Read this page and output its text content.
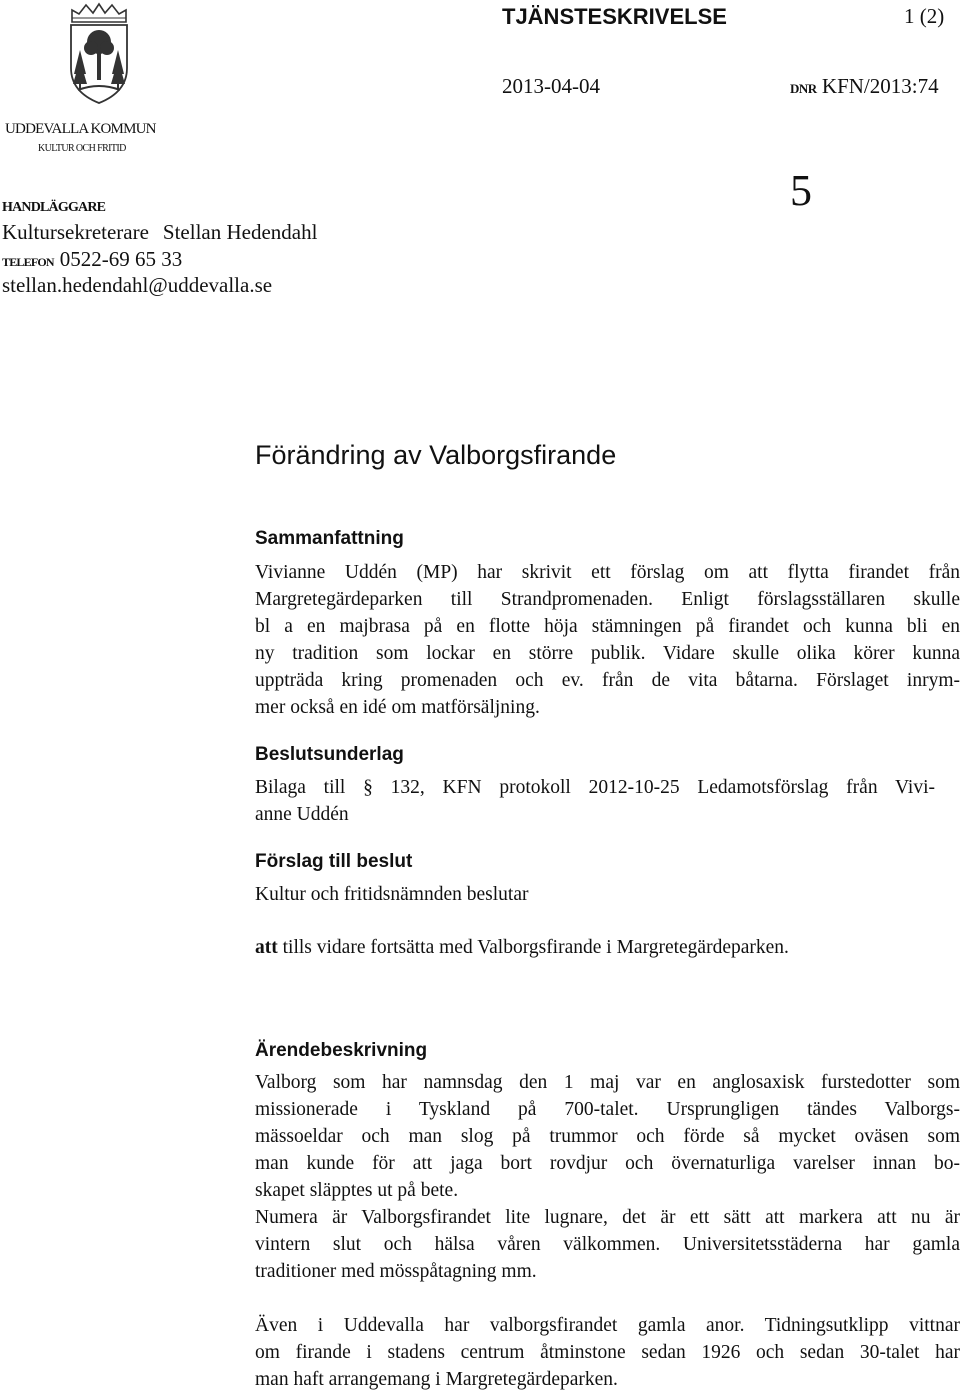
TJÄNSTESKRIVELSE	1 (2)
2013-04-04	DNR KFN/2013:74
5
UDDEVALLA KOMMUN
KULTUR OCH FRITID
HANDLÄGGARE
Kultursekreterare Stellan Hedendahl
TELEFON 0522-69 65 33
stellan.hedendahl@uddevalla.se
Förändring av Valborgsfirande
Sammanfattning
Vivianne Uddén (MP) har skrivit ett förslag om att flytta firandet från
Margretegärdeparken till Strandpromenaden. Enligt förslagsställaren skulle
bl a en majbrasa på en flotte höja stämningen på firandet och kunna bli en
ny tradition som lockar en större publik. Vidare skulle olika körer kunna
uppträda kring promenaden och ev. från de vita båtarna. Förslaget inrym-
mer också en idé om matförsäljning.
Beslutsunderlag
Bilaga till § 132, KFN protokoll 2012-10-25 Ledamotsförslag från Vivi-
anne Uddén
Förslag till beslut
Kultur och fritidsnämnden beslutar
att tills vidare fortsätta med Valborgsfirande i Margretegärdeparken.
Ärendebeskrivning
Valborg som har namnsdag den 1 maj var en anglosaxisk furstedotter som
missionerade i Tyskland på 700-talet. Ursprungligen tändes Valborgs-
mässoeldar och man slog på trummor och förde så mycket oväsen som
man kunde för att jaga bort rovdjur och övernaturliga varelser innan bo-
skapet släpptes ut på bete.
Numera är Valborgsfirandet lite lugnare, det är ett sätt att markera att nu är
vintern slut och hälsa våren välkommen. Universitetsstäderna har gamla
traditioner med mösspåtagning mm.
Även i Uddevalla har valborgsfirandet gamla anor. Tidningsutklipp vittnar
om firande i stadens centrum åtminstone sedan 1926 och sedan 30-talet har
man haft arrangemang i Margretegärdeparken.
